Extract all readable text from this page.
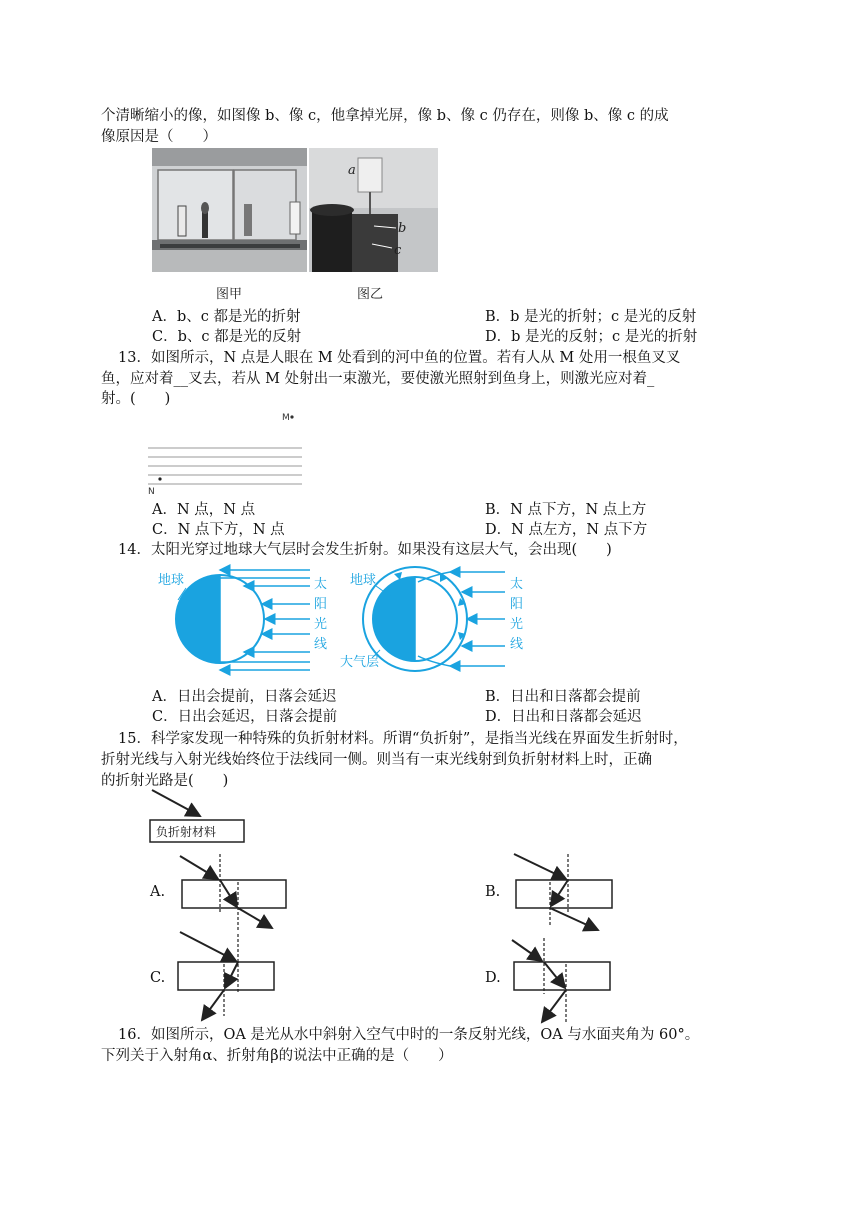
个清晰缩小的像，如图像 b、像 c，他拿掉光屏，像 b、像 c 仍存在，则像 b、像 c 的成
像原因是（　　）
a
b
c
图甲	图乙
A．b、c 都是光的折射	B．b 是光的折射；c 是光的反射
C．b、c 都是光的反射	D．b 是光的反射；c 是光的折射
13．如图所示，N 点是人眼在 M 处看到的河中鱼的位置。若有人从 M 处用一根鱼叉叉
鱼，应对着__叉去，若从 M 处射出一束激光，要使激光照射到鱼身上，则激光应对着_
射。(　　)
M
N
A．N 点，N 点	B．N 点下方，N 点上方
C．N 点下方，N 点	D．N 点左方，N 点下方
14．太阳光穿过地球大气层时会发生折射。如果没有这层大气，会出现(　　)
地球	太
阳
光
线
地球	太
阳
光
线
大气层
A．日出会提前，日落会延迟	B．日出和日落都会提前
C．日出会延迟，日落会提前	D．日出和日落都会延迟
15．科学家发现一种特殊的负折射材料。所谓“负折射”，是指当光线在界面发生折射时，
折射光线与入射光线始终位于法线同一侧。则当有一束光线射到负折射材料上时，正确
的折射光路是(　　)
负折射材料
A.	B.
C.	D.
16．如图所示，OA 是光从水中斜射入空气中时的一条反射光线，OA 与水面夹角为 60°。
下列关于入射角α、折射角β的说法中正确的是（　　）
